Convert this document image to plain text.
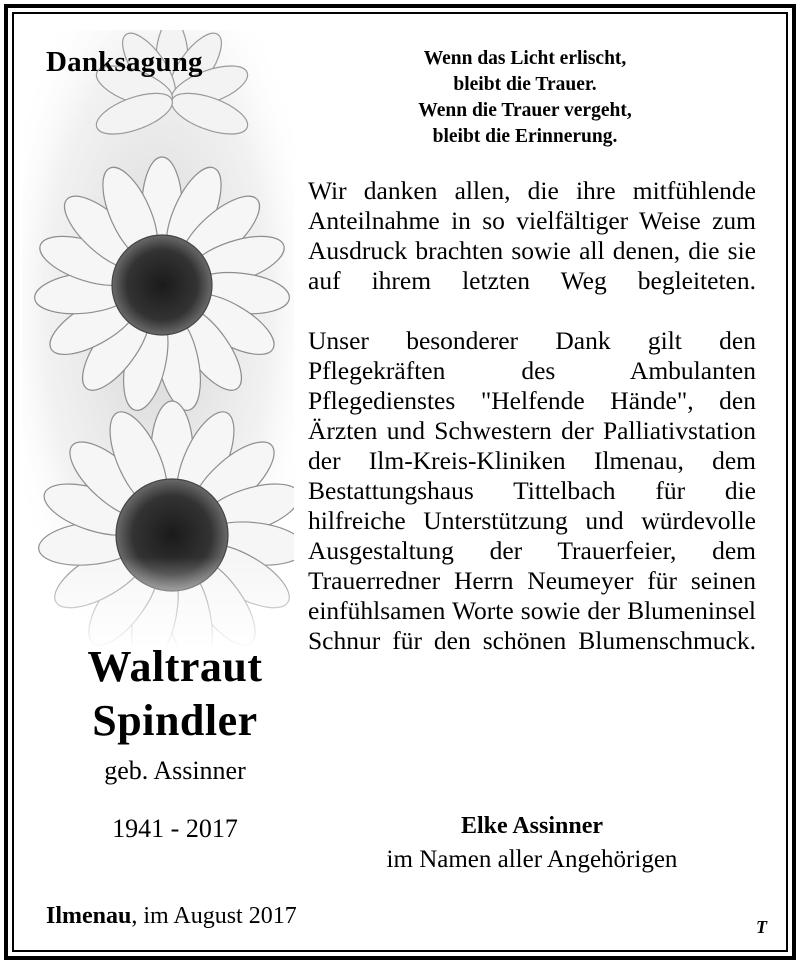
Danksagung	Wenn das Licht erlischt,
bleibt die Trauer.
Wenn die Trauer vergeht,
bleibt die Erinnerung.

Wir danken allen, die ihre mitfühlende Anteilnahme in so vielfältiger Weise zum Ausdruck brachten sowie all denen, die sie auf ihrem letzten Weg begleiteten.

Unser besonderer Dank gilt den Pflegekräften des Ambulanten Pflegedienstes "Helfende Hände", den Ärzten und Schwestern der Palliativstation der Ilm-Kreis-Kliniken Ilmenau, dem Bestattungshaus Tittelbach für die hilfreiche Unterstützung und würdevolle Ausgestaltung der Trauerfeier, dem Trauerredner Herrn Neumeyer für seinen einfühlsamen Worte sowie der Blumeninsel Schnur für den schönen Blumenschmuck.

Waltraut
Spindler
geb. Assinner
1941 - 2017	Elke Assinner
im Namen aller Angehörigen
Ilmenau, im August 2017	T
